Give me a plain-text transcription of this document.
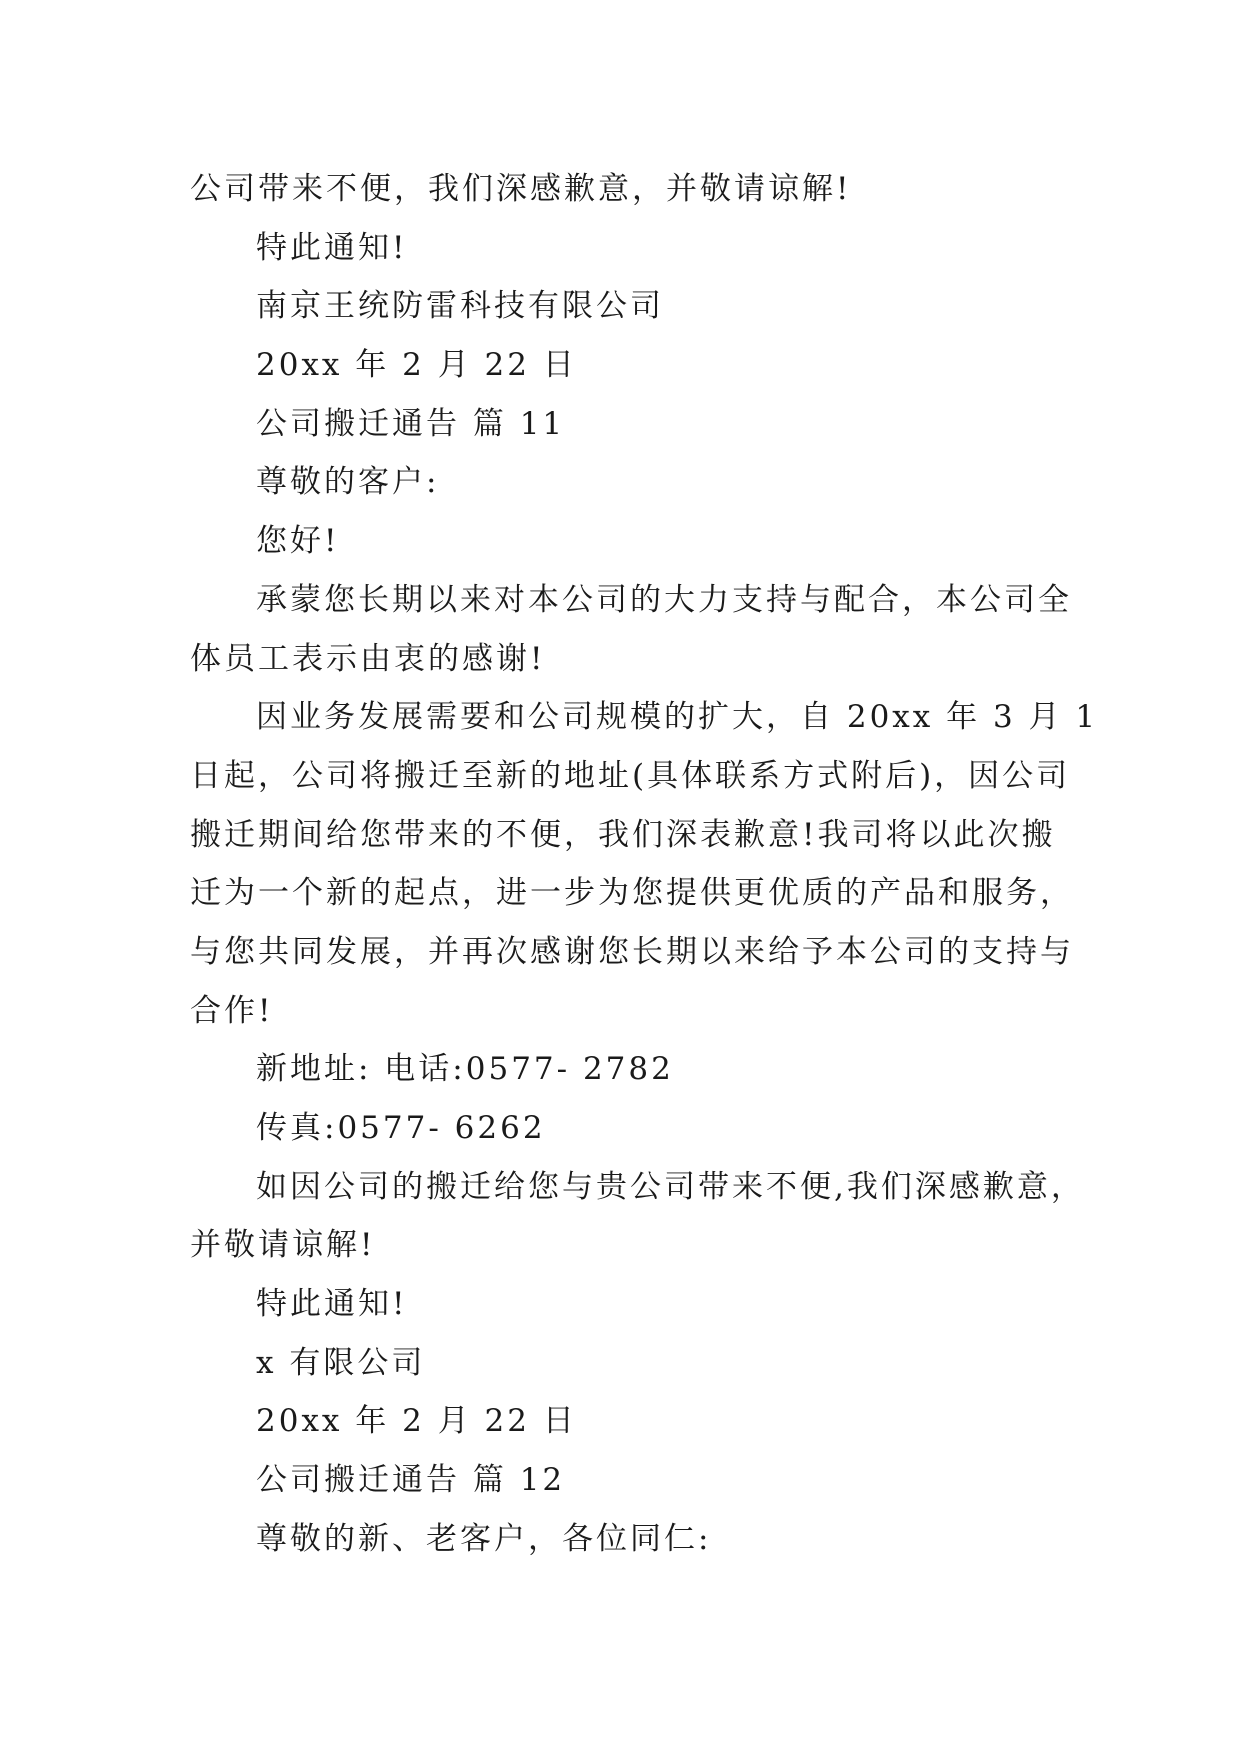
公司带来不便，我们深感歉意，并敬请谅解!

特此通知!

南京王统防雷科技有限公司

20xx 年 2 月 22 日

公司搬迁通告 篇 11

尊敬的客户:

您好!

承蒙您长期以来对本公司的大力支持与配合，本公司全

体员工表示由衷的感谢!

因业务发展需要和公司规模的扩大，自 20xx 年 3 月 1

日起，公司将搬迁至新的地址(具体联系方式附后)，因公司

搬迁期间给您带来的不便，我们深表歉意!我司将以此次搬

迁为一个新的起点，进一步为您提供更优质的产品和服务，

与您共同发展，并再次感谢您长期以来给予本公司的支持与

合作!

新地址: 电话:0577- 2782

传真:0577- 6262

如因公司的搬迁给您与贵公司带来不便,我们深感歉意，

并敬请谅解!

特此通知!

x 有限公司

20xx 年 2 月 22 日

公司搬迁通告 篇 12

尊敬的新、老客户，各位同仁:
